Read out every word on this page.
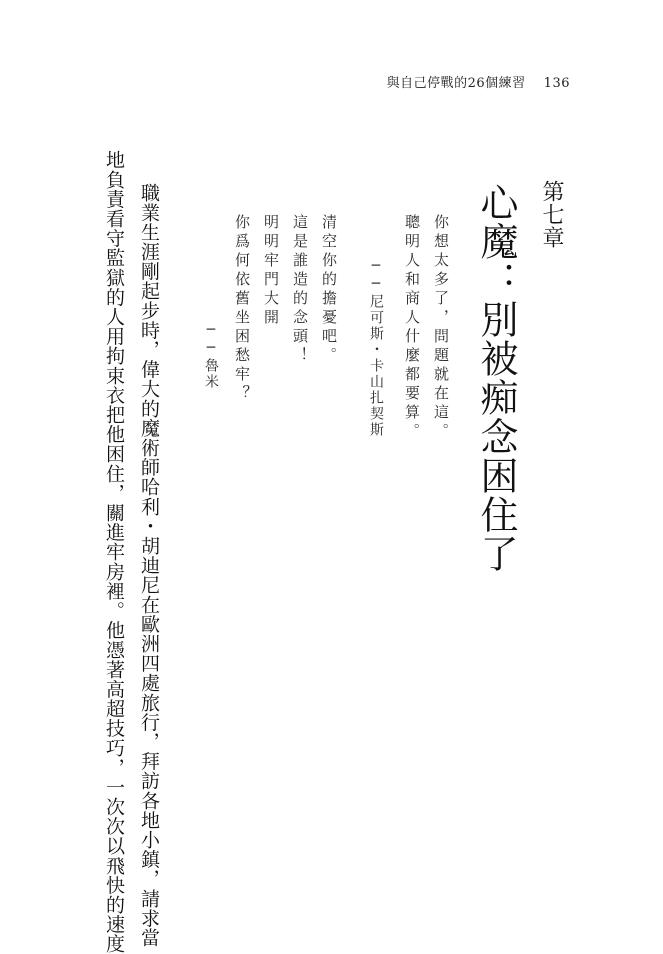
與自己停戰的26個練習 136
第七章
心魔：別被痴念困住了
你想太多了，問題就在這。
聰明人和商人什麼都要算。
──尼可斯・卡山扎契斯
清空你的擔憂吧。
這是誰造的念頭！
明明牢門大開
你爲何依舊坐困愁牢？
──魯米
職業生涯剛起步時，偉大的魔術師哈利・胡迪尼在歐洲四處旅行，拜訪各地小鎮，請求當
地負責看守監獄的人用拘束衣把他困住，關進牢房裡。他憑著高超技巧，一次次以飛快的速度
